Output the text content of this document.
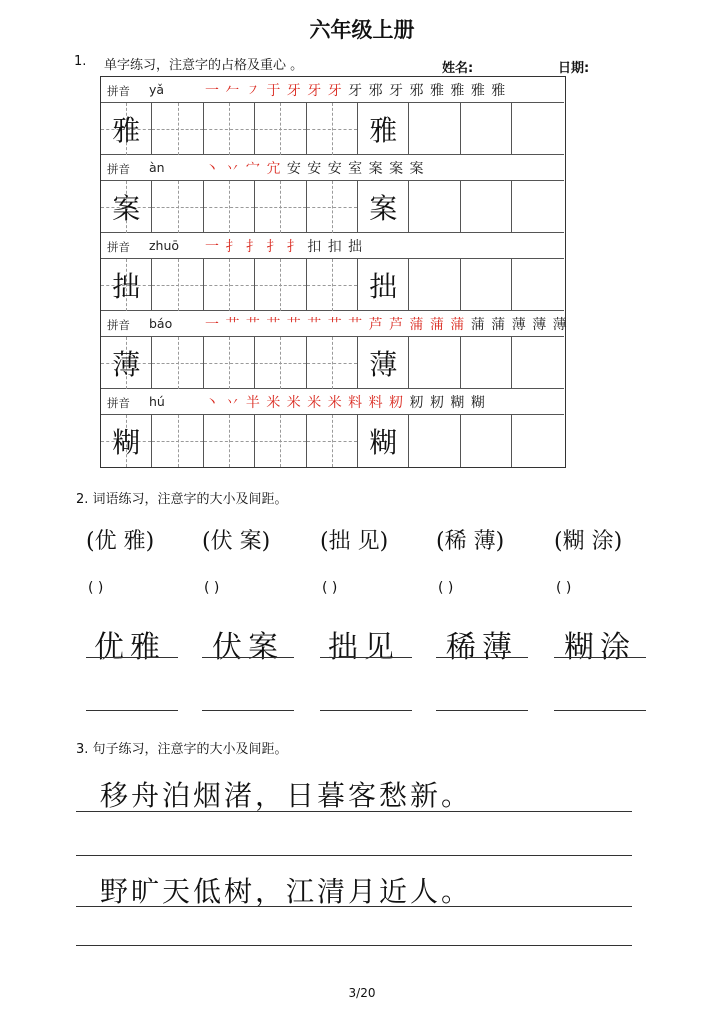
六年级上册
1. 单字练习，注意字的占格及重心 。	姓名:	日期:
拼音 yǎ	一 𠂉 ㇇ 于 牙 牙 牙 牙 邪 牙 邪 雅 雅 雅 雅
雅	雅
拼音 àn	丶 丷 宀 宂 安 安 安 室 案 案 案
案	案
拼音 zhuō 一 扌 扌 扌 扌 扣 扣 拙
拙	拙
拼音 báo 一 艹 艹 艹 艹 艹 艹 艹 芦 芦 蒲 蒲 蒲 蒲 蒲 薄 薄 薄
薄	薄
拼音 hú	丶 丷 半 米 米 米 米 料 料 籾 籾 籾 糊 糊
糊	糊
2. 词语练习，注意字的大小及间距。
(优 雅) (伏 案) (拙 见) (稀 薄) (糊 涂)
( )	( )	( )	( )	( )
优雅 伏案 拙见 稀薄 糊涂
3. 句子练习，注意字的大小及间距。
移舟泊烟渚，日暮客愁新。
野旷天低树，江清月近人。
3/20
